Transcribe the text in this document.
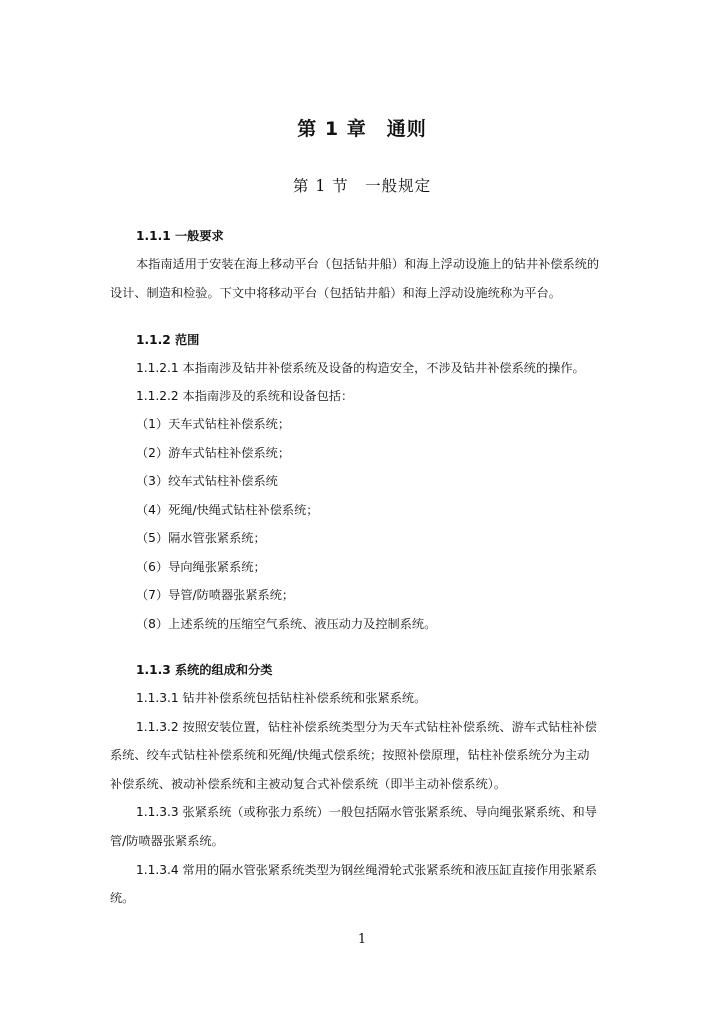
第 1 章　通则
第 1 节　一般规定

1.1.1 一般要求

本指南适用于安装在海上移动平台（包括钻井船）和海上浮动设施上的钻井补偿系统的

设计、制造和检验。下文中将移动平台（包括钻井船）和海上浮动设施统称为平台。

1.1.2 范围

1.1.2.1 本指南涉及钻井补偿系统及设备的构造安全，不涉及钻井补偿系统的操作。

1.1.2.2 本指南涉及的系统和设备包括：

（1）天车式钻柱补偿系统；

（2）游车式钻柱补偿系统；

（3）绞车式钻柱补偿系统

（4）死绳/快绳式钻柱补偿系统；

（5）隔水管张紧系统；

（6）导向绳张紧系统；

（7）导管/防喷器张紧系统；

（8）上述系统的压缩空气系统、液压动力及控制系统。

1.1.3 系统的组成和分类

1.1.3.1 钻井补偿系统包括钻柱补偿系统和张紧系统。

1.1.3.2 按照安装位置，钻柱补偿系统类型分为天车式钻柱补偿系统、游车式钻柱补偿

系统、绞车式钻柱补偿系统和死绳/快绳式偿系统；按照补偿原理，钻柱补偿系统分为主动

补偿系统、被动补偿系统和主被动复合式补偿系统（即半主动补偿系统）。

1.1.3.3 张紧系统（或称张力系统）一般包括隔水管张紧系统、导向绳张紧系统、和导

管/防喷器张紧系统。

1.1.3.4 常用的隔水管张紧系统类型为钢丝绳滑轮式张紧系统和液压缸直接作用张紧系

统。

1
